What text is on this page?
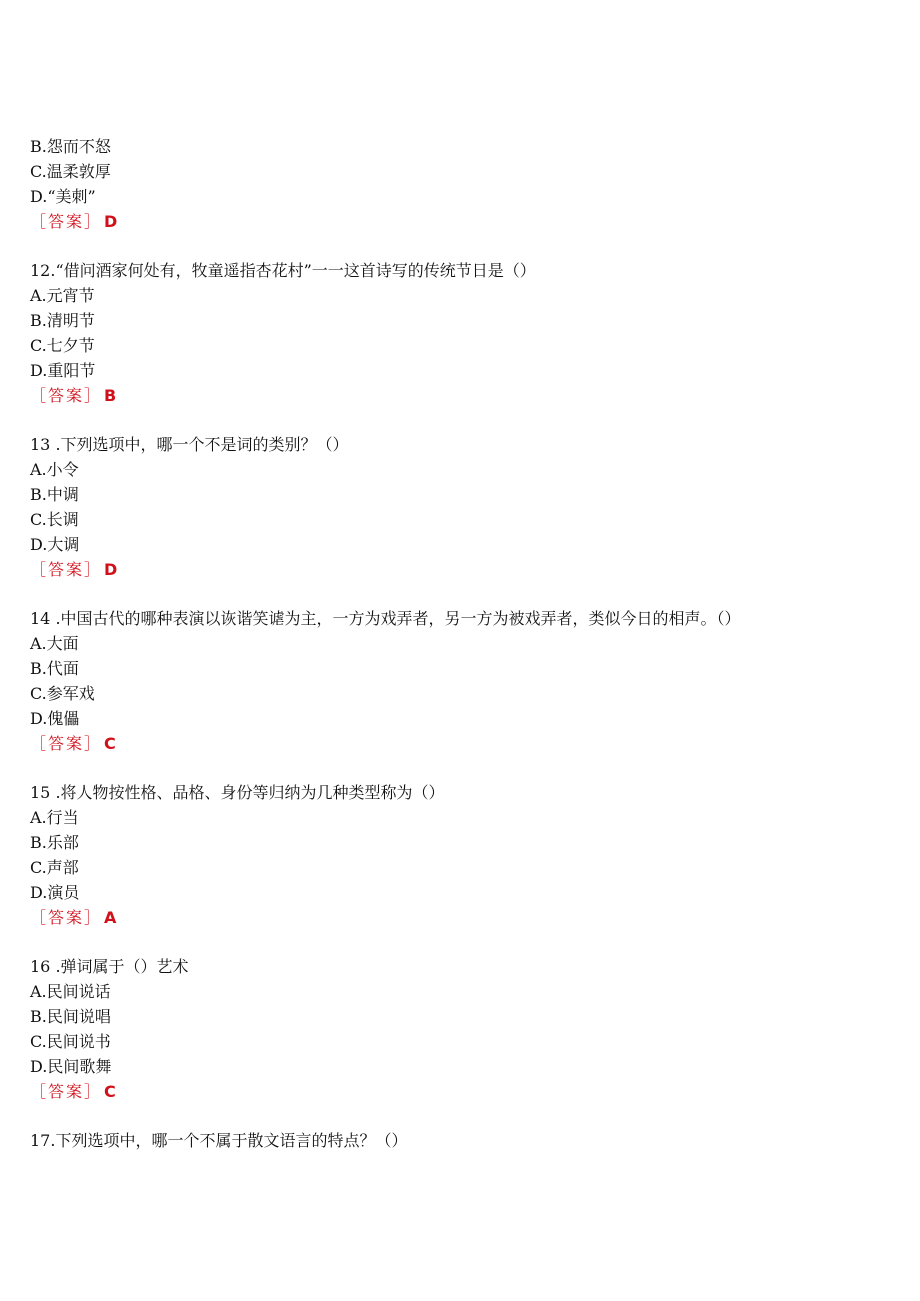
B.怨而不怒
C.温柔敦厚
D.“美刺”
［答案］ D
12.“借问酒家何处有，牧童遥指杏花村”一一这首诗写的传统节日是（）
A.元宵节
B.清明节
C.七夕节
D.重阳节
［答案］ B
13 .下列选项中，哪一个不是词的类别？（）
A.小令
B.中调
C.长调
D.大调
［答案］ D
14 .中国古代的哪种表演以诙谐笑谑为主，一方为戏弄者，另一方为被戏弄者，类似今日的相声。（）
A.大面
B.代面
C.参军戏
D.傀儡
［答案］ C
15 .将人物按性格、品格、身份等归纳为几种类型称为（）
A.行当
B.乐部
C.声部
D.演员
［答案］ A
16 .弹词属于（）艺术
A.民间说话
B.民间说唱
C.民间说书
D.民间歌舞
［答案］ C
17.下列选项中，哪一个不属于散文语言的特点？（）
